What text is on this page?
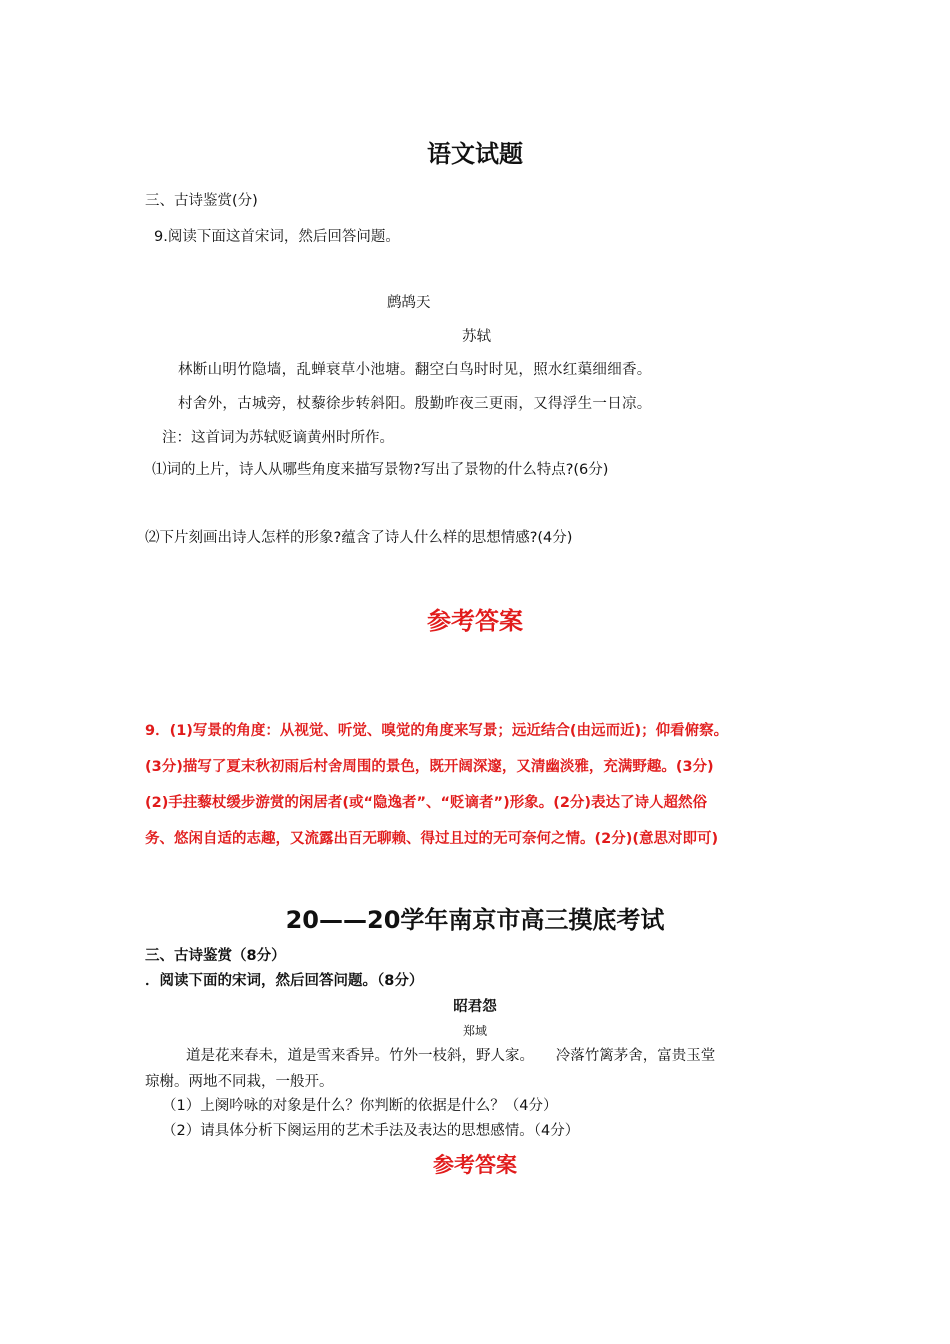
语文试题
三、古诗鉴赏(分)
9.阅读下面这首宋词，然后回答问题。
鹧鸪天
苏轼
林断山明竹隐墙，乱蝉衰草小池塘。翻空白鸟时时见，照水红蕖细细香。
村舍外，古城旁，杖藜徐步转斜阳。殷勤昨夜三更雨，又得浮生一日凉。
注：这首词为苏轼贬谪黄州时所作。
⑴词的上片，诗人从哪些角度来描写景物?写出了景物的什么特点?(6分)
⑵下片刻画出诗人怎样的形象?蕴含了诗人什么样的思想情感?(4分)
参考答案
9．(1)写景的角度：从视觉、听觉、嗅觉的角度来写景；远近结合(由远而近)；仰看俯察。
(3分)描写了夏末秋初雨后村舍周围的景色，既开阔深邃，又清幽淡雅，充满野趣。(3分)
(2)手拄藜杖缓步游赏的闲居者(或“隐逸者”、“贬谪者”)形象。(2分)表达了诗人超然俗
务、悠闲自适的志趣，又流露出百无聊赖、得过且过的无可奈何之情。(2分)(意思对即可)
20——20学年南京市高三摸底考试
三、古诗鉴赏（8分）
．阅读下面的宋词，然后回答问题。（8分）
昭君怨
郑域
道是花来春未，道是雪来香异。竹外一枝斜，野人家。　　冷落竹篱茅舍，富贵玉堂
琼榭。两地不同栽，一般开。
（1）上阕吟咏的对象是什么？你判断的依据是什么？（4分）
（2）请具体分析下阕运用的艺术手法及表达的思想感情。（4分）
参考答案
